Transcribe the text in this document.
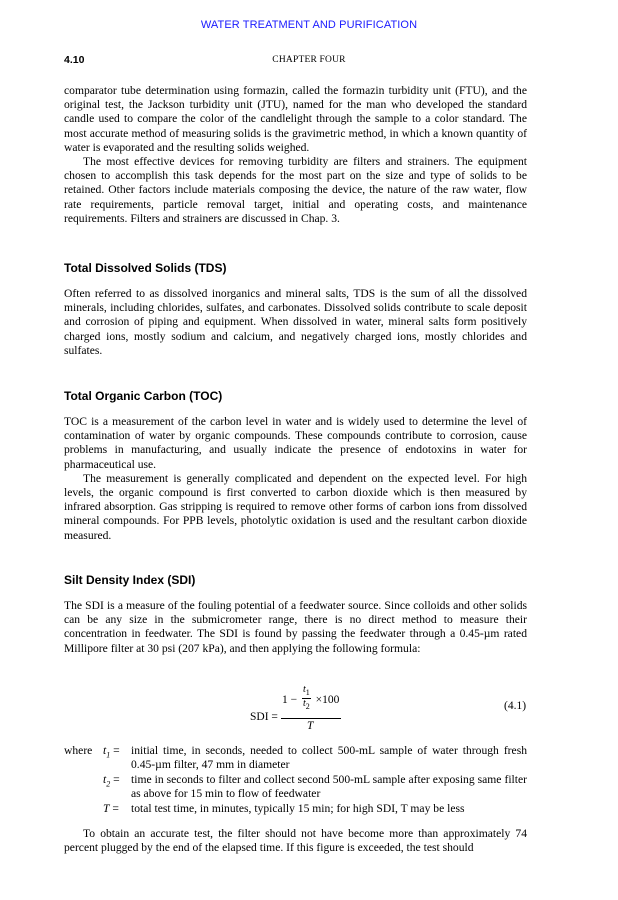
WATER TREATMENT AND PURIFICATION
4.10	CHAPTER FOUR

comparator tube determination using formazin, called the formazin turbidity unit (FTU), and the original test, the Jackson turbidity unit (JTU), named for the man who developed the standard candle used to compare the color of the candlelight through the sample to a color standard. The most accurate method of measuring solids is the gravimetric method, in which a known quantity of water is evaporated and the resulting solids weighed.

The most effective devices for removing turbidity are filters and strainers. The equipment chosen to accomplish this task depends for the most part on the size and type of solids to be retained. Other factors include materials composing the device, the nature of the raw water, flow rate requirements, particle removal target, initial and operating costs, and maintenance requirements. Filters and strainers are discussed in Chap. 3.

Total Dissolved Solids (TDS)

Often referred to as dissolved inorganics and mineral salts, TDS is the sum of all the dissolved minerals, including chlorides, sulfates, and carbonates. Dissolved solids contribute to scale deposit and corrosion of piping and equipment. When dissolved in water, mineral salts form positively charged ions, mostly sodium and calcium, and negatively charged ions, mostly chlorides and sulfates.

Total Organic Carbon (TOC)

TOC is a measurement of the carbon level in water and is widely used to determine the level of contamination of water by organic compounds. These compounds contribute to corrosion, cause problems in manufacturing, and usually indicate the presence of endotoxins in water for pharmaceutical use.

The measurement is generally complicated and dependent on the expected level. For high levels, the organic compound is first converted to carbon dioxide which is then measured by infrared absorption. Gas stripping is required to remove other forms of carbon ions from dissolved mineral compounds. For PPB levels, photolytic oxidation is used and the resultant carbon dioxide measured.

Silt Density Index (SDI)

The SDI is a measure of the fouling potential of a feedwater source. Since colloids and other solids can be any size in the submicrometer range, there is no direct method to measure their concentration in feedwater. The SDI is found by passing the feedwater through a 0.45-µm rated Millipore filter at 30 psi (207 kPa), and then applying the following formula:

SDI =
$1 - \frac{t_1}{t_2} \times 100$
T
(4.1)
where $t_1$ = initial time, in seconds, needed to collect 500-mL sample of water through fresh 0.45-µm filter, 47 mm in diameter
$t_2$ = time in seconds to filter and collect second 500-mL sample after exposing same filter as above for 15 min to flow of feedwater
T = total test time, in minutes, typically 15 min; for high SDI, T may be less

To obtain an accurate test, the filter should not have become more than approximately 74 percent plugged by the end of the elapsed time. If this figure is exceeded, the test should
